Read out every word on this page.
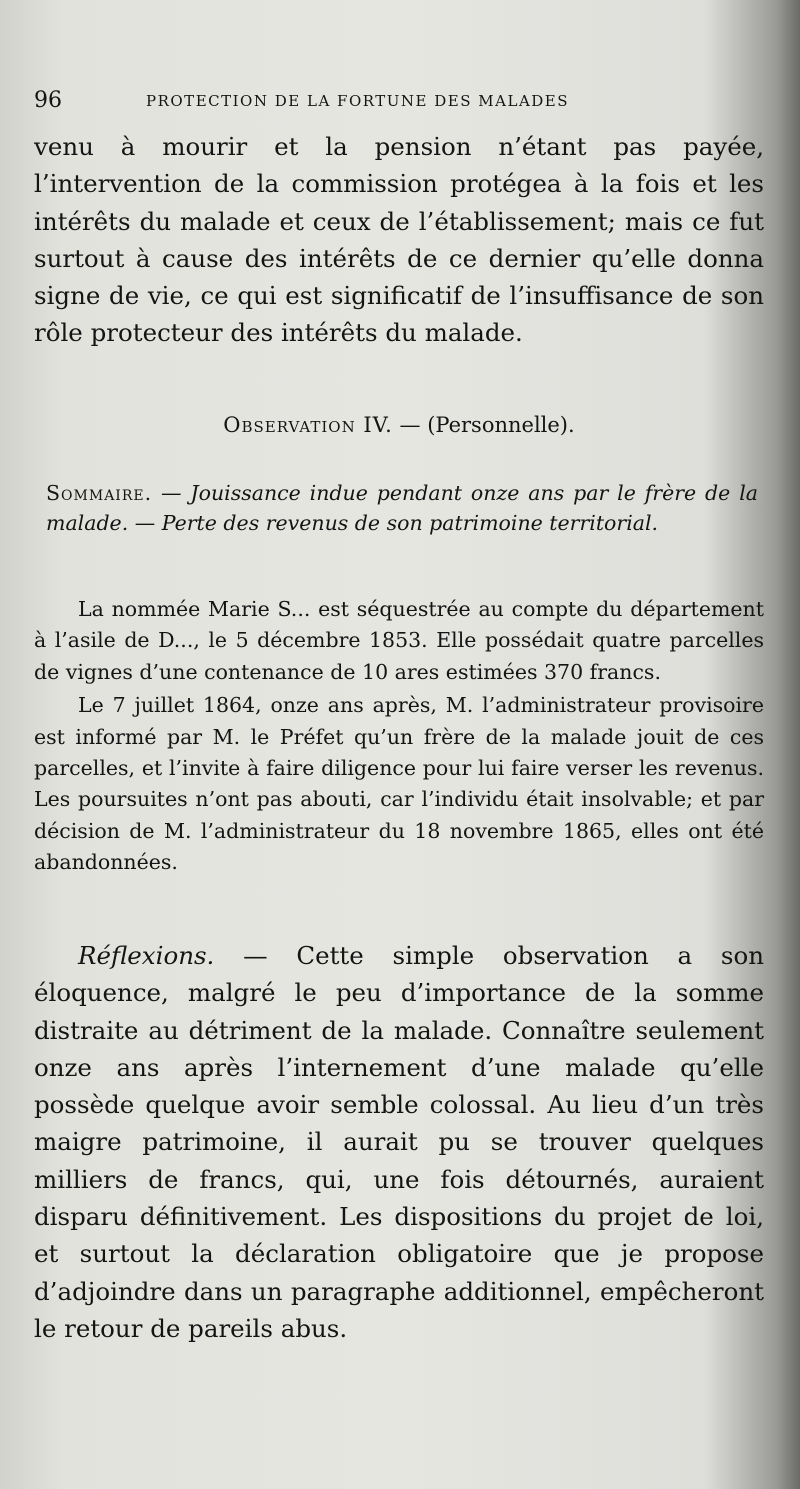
96	PROTECTION DE LA FORTUNE DES MALADES

venu à mourir et la pension n’étant pas payée, l’intervention de la commission protégea à la fois et les intérêts du malade et ceux de l’établissement; mais ce fut surtout à cause des intérêts de ce dernier qu’elle donna signe de vie, ce qui est significatif de l’insuffisance de son rôle protecteur des intérêts du malade.

Observation IV. — (Personnelle).
Sommaire. — Jouissance indue pendant onze ans par le frère de la malade. — Perte des revenus de son patrimoine territorial.

La nommée Marie S... est séquestrée au compte du département à l’asile de D..., le 5 décembre 1853. Elle possédait quatre parcelles de vignes d’une contenance de 10 ares estimées 370 francs.

Le 7 juillet 1864, onze ans après, M. l’administrateur provisoire est informé par M. le Préfet qu’un frère de la malade jouit de ces parcelles, et l’invite à faire diligence pour lui faire verser les revenus. Les poursuites n’ont pas abouti, car l’individu était insolvable; et par décision de M. l’administrateur du 18 novembre 1865, elles ont été abandonnées.

Réflexions. — Cette simple observation a son éloquence, malgré le peu d’importance de la somme distraite au détriment de la malade. Connaître seulement onze ans après l’internement d’une malade qu’elle possède quelque avoir semble colossal. Au lieu d’un très maigre patrimoine, il aurait pu se trouver quelques milliers de francs, qui, une fois détournés, auraient disparu définitivement. Les dispositions du projet de loi, et surtout la déclaration obligatoire que je propose d’adjoindre dans un paragraphe additionnel, empêcheront le retour de pareils abus.
